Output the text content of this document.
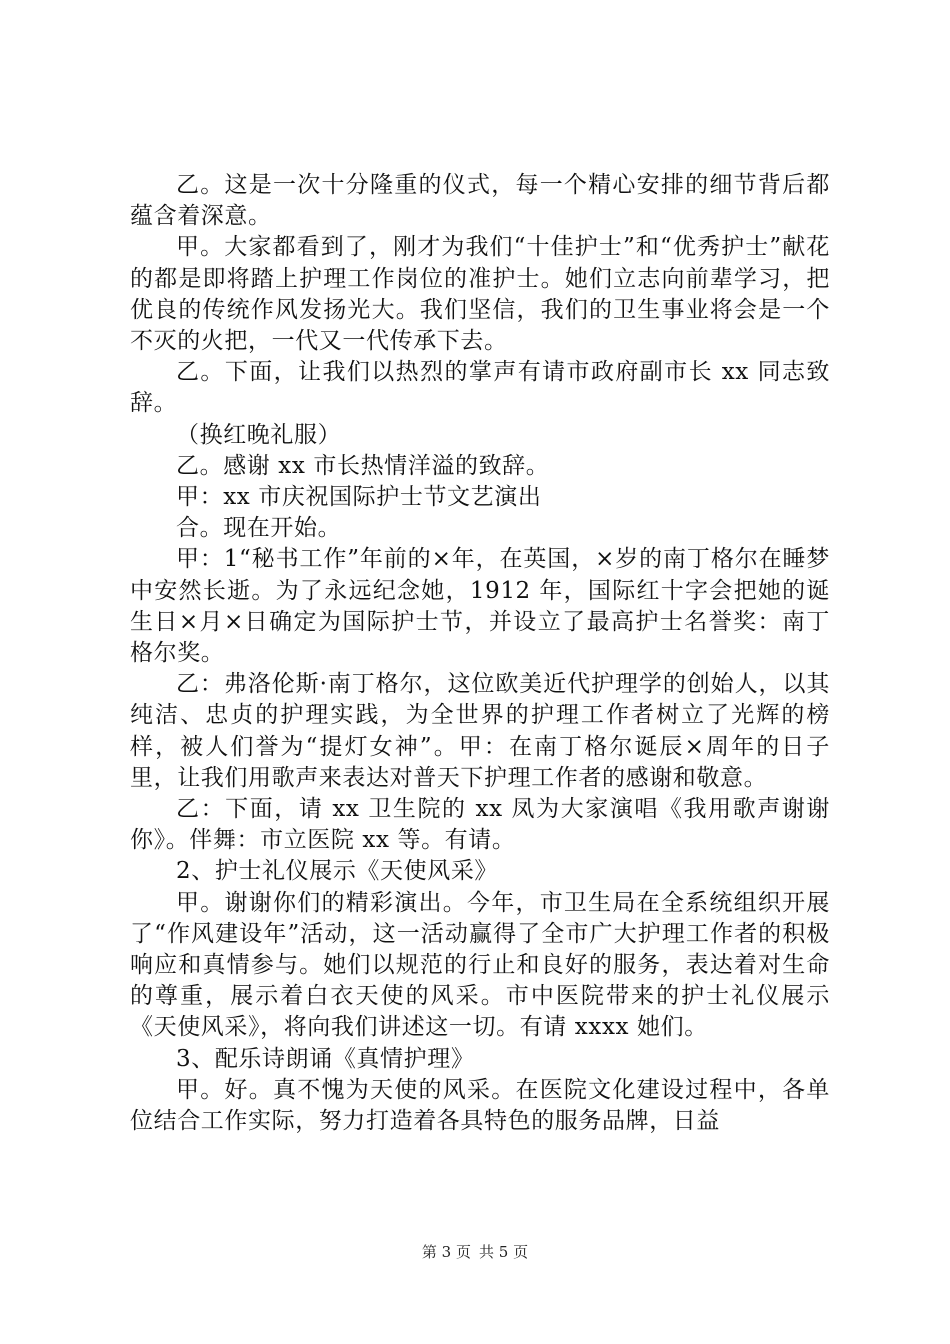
乙。这是一次十分隆重的仪式，每一个精心安排的细节背后都蕴含着深意。

甲。大家都看到了，刚才为我们“十佳护士”和“优秀护士”献花的都是即将踏上护理工作岗位的准护士。她们立志向前辈学习，把优良的传统作风发扬光大。我们坚信，我们的卫生事业将会是一个不灭的火把，一代又一代传承下去。

乙。下面，让我们以热烈的掌声有请市政府副市长 xx 同志致辞。

（换红晚礼服）

乙。感谢 xx 市长热情洋溢的致辞。

甲：xx 市庆祝国际护士节文艺演出

合。现在开始。

甲：1“秘书工作”年前的×年，在英国，×岁的南丁格尔在睡梦中安然长逝。为了永远纪念她，1912 年，国际红十字会把她的诞生日×月×日确定为国际护士节，并设立了最高护士名誉奖：南丁格尔奖。

乙：弗洛伦斯·南丁格尔，这位欧美近代护理学的创始人，以其纯洁、忠贞的护理实践，为全世界的护理工作者树立了光辉的榜样，被人们誉为“提灯女神”。甲：在南丁格尔诞辰×周年的日子里，让我们用歌声来表达对普天下护理工作者的感谢和敬意。

乙：下面，请 xx 卫生院的 xx 凤为大家演唱《我用歌声谢谢你》。伴舞：市立医院 xx 等。有请。

2、护士礼仪展示《天使风采》

甲。谢谢你们的精彩演出。今年，市卫生局在全系统组织开展了“作风建设年”活动，这一活动赢得了全市广大护理工作者的积极响应和真情参与。她们以规范的行止和良好的服务，表达着对生命的尊重，展示着白衣天使的风采。市中医院带来的护士礼仪展示《天使风采》，将向我们讲述这一切。有请 xxxx 她们。

3、配乐诗朗诵《真情护理》

甲。好。真不愧为天使的风采。在医院文化建设过程中，各单位结合工作实际，努力打造着各具特色的服务品牌，日益

第 3 页 共 5 页
